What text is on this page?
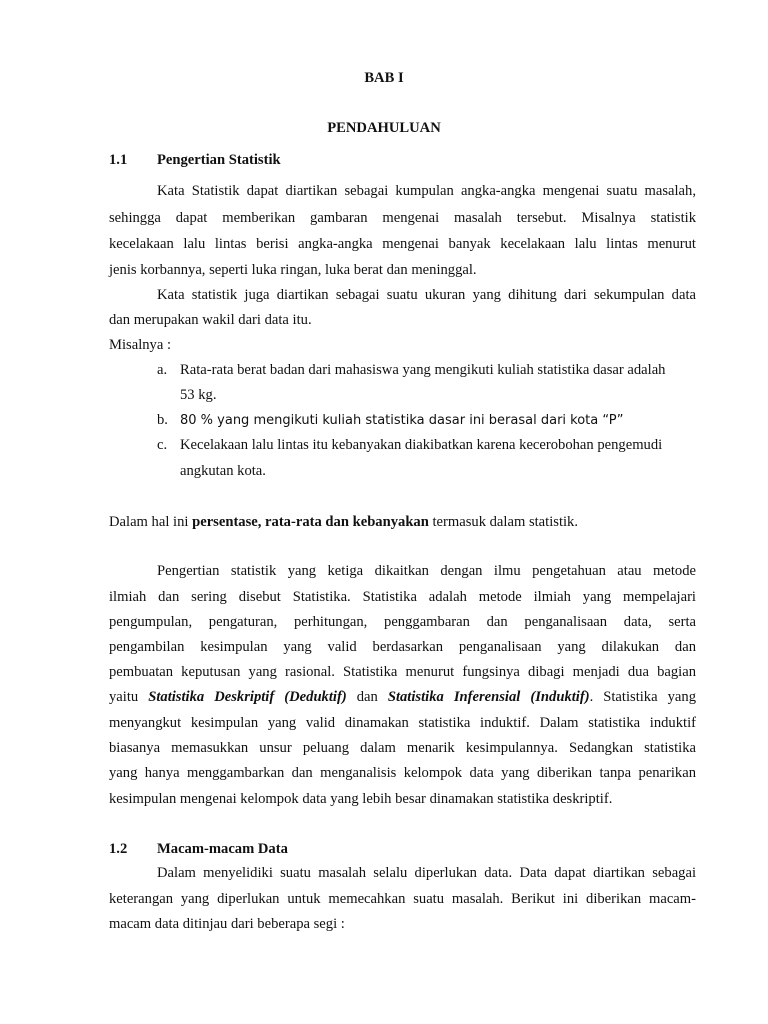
BAB I
PENDAHULUAN
1.1 Pengertian Statistik
Kata Statistik dapat diartikan sebagai kumpulan angka-angka mengenai suatu masalah,
sehingga dapat memberikan gambaran mengenai masalah tersebut. Misalnya statistik
kecelakaan lalu lintas berisi angka-angka mengenai banyak kecelakaan lalu lintas menurut
jenis korbannya, seperti luka ringan, luka berat dan meninggal.
Kata statistik juga diartikan sebagai suatu ukuran yang dihitung dari sekumpulan data
dan merupakan wakil dari data itu.
Misalnya :
a. Rata-rata berat badan dari mahasiswa yang mengikuti kuliah statistika dasar adalah
53 kg.
b. 80 % yang mengikuti kuliah statistika dasar ini berasal dari kota “P”
c. Kecelakaan lalu lintas itu kebanyakan diakibatkan karena kecerobohan pengemudi
angkutan kota.
Dalam hal ini persentase, rata-rata dan kebanyakan termasuk dalam statistik.
Pengertian statistik yang ketiga dikaitkan dengan ilmu pengetahuan atau metode
ilmiah dan sering disebut Statistika. Statistika adalah metode ilmiah yang mempelajari
pengumpulan, pengaturan, perhitungan, penggambaran dan penganalisaan data, serta
pengambilan kesimpulan yang valid berdasarkan penganalisaan yang dilakukan dan
pembuatan keputusan yang rasional. Statistika menurut fungsinya dibagi menjadi dua bagian
yaitu Statistika Deskriptif (Deduktif) dan Statistika Inferensial (Induktif). Statistika yang
menyangkut kesimpulan yang valid dinamakan statistika induktif. Dalam statistika induktif
biasanya memasukkan unsur peluang dalam menarik kesimpulannya. Sedangkan statistika
yang hanya menggambarkan dan menganalisis kelompok data yang diberikan tanpa penarikan
kesimpulan mengenai kelompok data yang lebih besar dinamakan statistika deskriptif.
1.2 Macam-macam Data
Dalam menyelidiki suatu masalah selalu diperlukan data. Data dapat diartikan sebagai
keterangan yang diperlukan untuk memecahkan suatu masalah. Berikut ini diberikan macam-
macam data ditinjau dari beberapa segi :
